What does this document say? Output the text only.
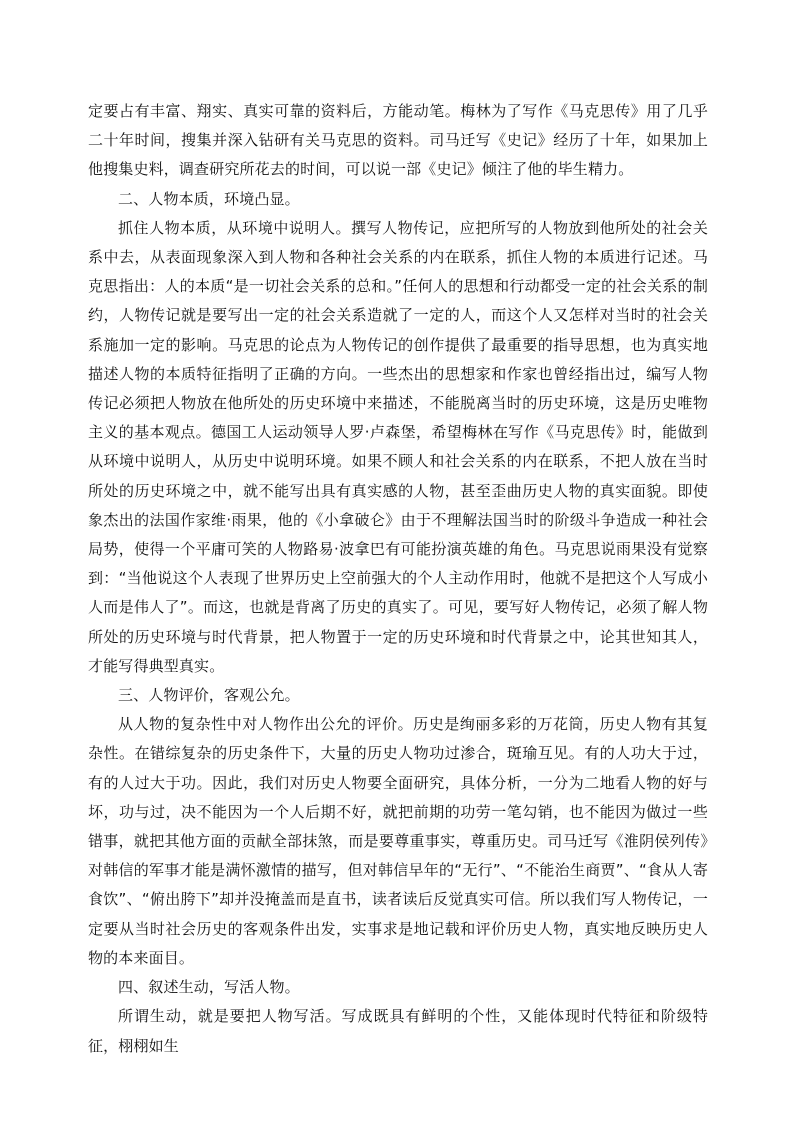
定要占有丰富、翔实、真实可靠的资料后，方能动笔。梅林为了写作《马克思传》用了几乎二十年时间，搜集并深入钻研有关马克思的资料。司马迁写《史记》经历了十年，如果加上他搜集史料，调查研究所花去的时间，可以说一部《史记》倾注了他的毕生精力。

二、人物本质，环境凸显。

抓住人物本质，从环境中说明人。撰写人物传记，应把所写的人物放到他所处的社会关系中去，从表面现象深入到人物和各种社会关系的内在联系，抓住人物的本质进行记述。马克思指出：人的本质“是一切社会关系的总和。”任何人的思想和行动都受一定的社会关系的制约，人物传记就是要写出一定的社会关系造就了一定的人，而这个人又怎样对当时的社会关系施加一定的影响。马克思的论点为人物传记的创作提供了最重要的指导思想，也为真实地描述人物的本质特征指明了正确的方向。一些杰出的思想家和作家也曾经指出过，编写人物传记必须把人物放在他所处的历史环境中来描述，不能脱离当时的历史环境，这是历史唯物主义的基本观点。德国工人运动领导人罗·卢森堡，希望梅林在写作《马克思传》时，能做到从环境中说明人，从历史中说明环境。如果不顾人和社会关系的内在联系，不把人放在当时所处的历史环境之中，就不能写出具有真实感的人物，甚至歪曲历史人物的真实面貌。即使象杰出的法国作家维·雨果，他的《小拿破仑》由于不理解法国当时的阶级斗争造成一种社会局势，使得一个平庸可笑的人物路易·波拿巴有可能扮演英雄的角色。马克思说雨果没有觉察到：“当他说这个人表现了世界历史上空前强大的个人主动作用时，他就不是把这个人写成小人而是伟人了”。而这，也就是背离了历史的真实了。可见，要写好人物传记，必须了解人物所处的历史环境与时代背景，把人物置于一定的历史环境和时代背景之中，论其世知其人，才能写得典型真实。

三、人物评价，客观公允。

从人物的复杂性中对人物作出公允的评价。历史是绚丽多彩的万花筒，历史人物有其复杂性。在错综复杂的历史条件下，大量的历史人物功过渗合，斑瑜互见。有的人功大于过，有的人过大于功。因此，我们对历史人物要全面研究，具体分析，一分为二地看人物的好与坏，功与过，决不能因为一个人后期不好，就把前期的功劳一笔勾销，也不能因为做过一些错事，就把其他方面的贡献全部抹煞，而是要尊重事实，尊重历史。司马迁写《淮阴侯列传》对韩信的军事才能是满怀激情的描写，但对韩信早年的“无行”、“不能治生商贾”、“食从人寄食饮”、“俯出胯下”却并没掩盖而是直书，读者读后反觉真实可信。所以我们写人物传记，一定要从当时社会历史的客观条件出发，实事求是地记载和评价历史人物，真实地反映历史人物的本来面目。

四、叙述生动，写活人物。

所谓生动，就是要把人物写活。写成既具有鲜明的个性，又能体现时代特征和阶级特征，栩栩如生
